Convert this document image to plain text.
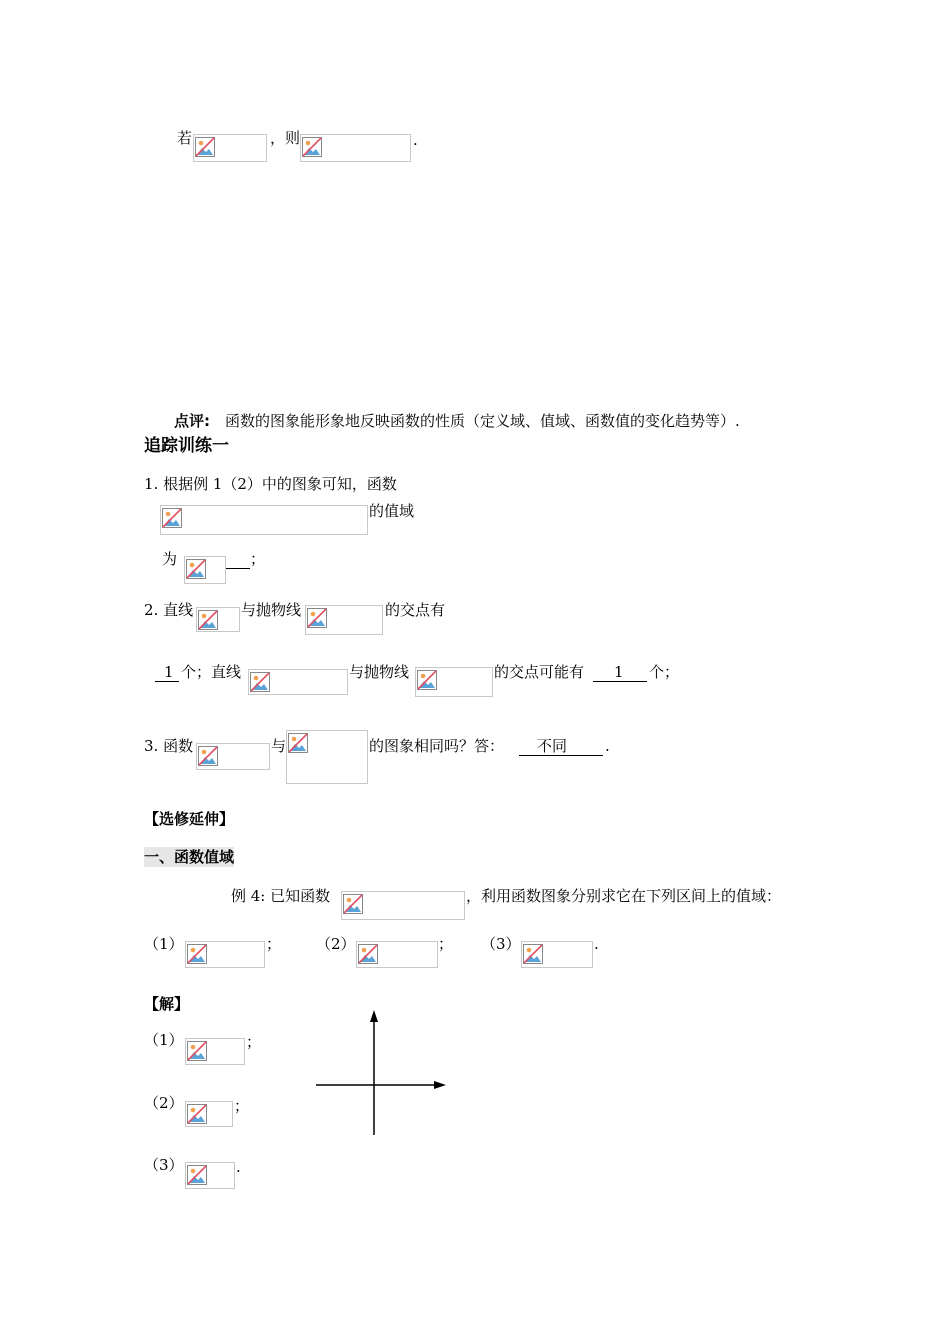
若	，则	.
点评: 函数的图象能形象地反映函数的性质（定义域、值域、函数值的变化趋势等）.
追踪训练一
1. 根据例 1（2）中的图象可知，函数
的值域
为	；
2. 直线	与抛物线	的交点有
1 个；直线	与抛物线	的交点可能有 1 个；
3. 函数	与	的图象相同吗？答： 不同	.
【选修延伸】
一、函数值域
例 4: 已知函数	，利用函数图象分别求它在下列区间上的值域：
（1）	； （2）	； （3）	.
【解】
（1）	；
（2）	；
（3）	.
